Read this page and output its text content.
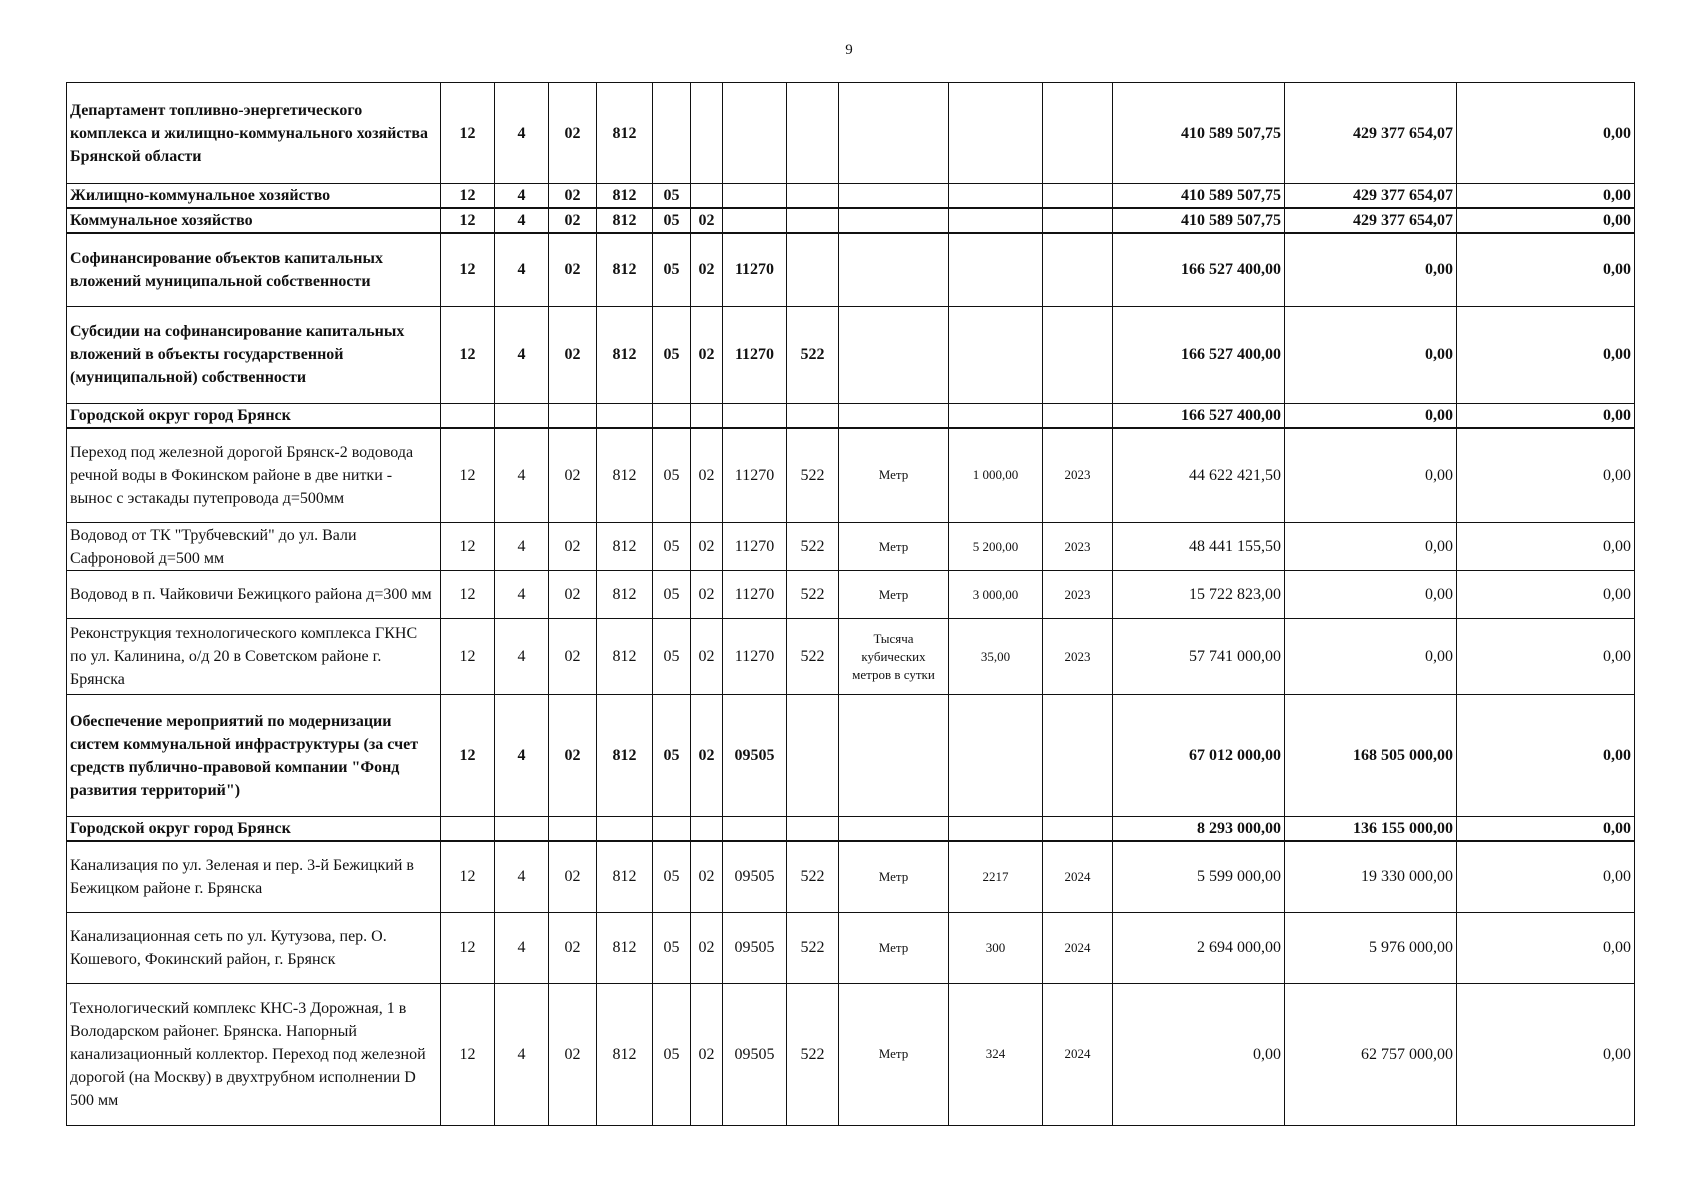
9
Департамент топливно-энергетического комплекса и жилищно-коммунального хозяйства Брянской области	12	4	02	812								410 589 507,75	429 377 654,07	0,00
Жилищно-коммунальное хозяйство	12	4	02	812	05							410 589 507,75	429 377 654,07	0,00
Коммунальное хозяйство	12	4	02	812	05	02						410 589 507,75	429 377 654,07	0,00
Софинансирование объектов капитальных вложений муниципальной собственности	12	4	02	812	05	02	11270					166 527 400,00	0,00	0,00
Субсидии на софинансирование капитальных вложений в объекты государственной (муниципальной) собственности	12	4	02	812	05	02	11270	522				166 527 400,00	0,00	0,00
Городской округ город Брянск												166 527 400,00	0,00	0,00
Переход под железной дорогой Брянск-2 водовода речной воды в Фокинском районе в две нитки - вынос с эстакады путепровода д=500мм	12	4	02	812	05	02	11270	522	Метр	1 000,00	2023	44 622 421,50	0,00	0,00
Водовод от ТК "Трубчевский" до ул. Вали Сафроновой д=500 мм	12	4	02	812	05	02	11270	522	Метр	5 200,00	2023	48 441 155,50	0,00	0,00
Водовод в п. Чайковичи Бежицкого района д=300 мм	12	4	02	812	05	02	11270	522	Метр	3 000,00	2023	15 722 823,00	0,00	0,00
Реконструкция технологического комплекса ГКНС по ул. Калинина, о/д 20 в Советском районе г. Брянска	12	4	02	812	05	02	11270	522	Тысяча кубических метров в сутки	35,00	2023	57 741 000,00	0,00	0,00
Обеспечение мероприятий по модернизации систем коммунальной инфраструктуры (за счет средств публично-правовой компании "Фонд развития территорий")	12	4	02	812	05	02	09505					67 012 000,00	168 505 000,00	0,00
Городской округ город Брянск												8 293 000,00	136 155 000,00	0,00
Канализация по ул. Зеленая и пер. 3-й Бежицкий в Бежицком районе г. Брянска	12	4	02	812	05	02	09505	522	Метр	2217	2024	5 599 000,00	19 330 000,00	0,00
Канализационная сеть по ул. Кутузова, пер. О. Кошевого, Фокинский район, г. Брянск	12	4	02	812	05	02	09505	522	Метр	300	2024	2 694 000,00	5 976 000,00	0,00
Технологический комплекс КНС-3 Дорожная, 1 в Володарском районег. Брянска. Напорный канализационный коллектор. Переход под железной дорогой (на Москву) в двухтрубном исполнении D 500 мм	12	4	02	812	05	02	09505	522	Метр	324	2024	0,00	62 757 000,00	0,00
